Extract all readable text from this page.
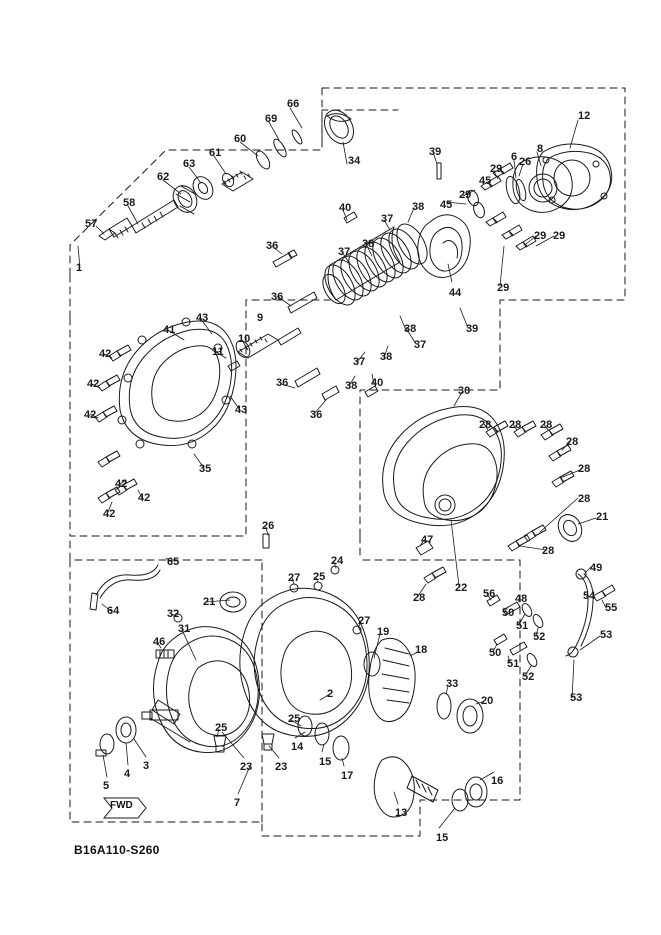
FWD
B16A110-S260
66
69
60
12
61
63
8
6 26
29
62
39
34
45
29
45
58
57
40	38
37
29 29
36	37
38
1
29
44
36
43	9
41
10
38
37
39
11
42
37 38
42	36	38 40
30
42	43	36
28 28 28
28
28
35
28
42
42
42	21
28
47
26
49
65
22
24
27 25
28	56 48	54
64
21
32	50	55
31
27	51
52	53
46
19
18	50
51
52
53
2
33
20
25
25
14
15
3
4
23 23
17	16
5
7
13
15
